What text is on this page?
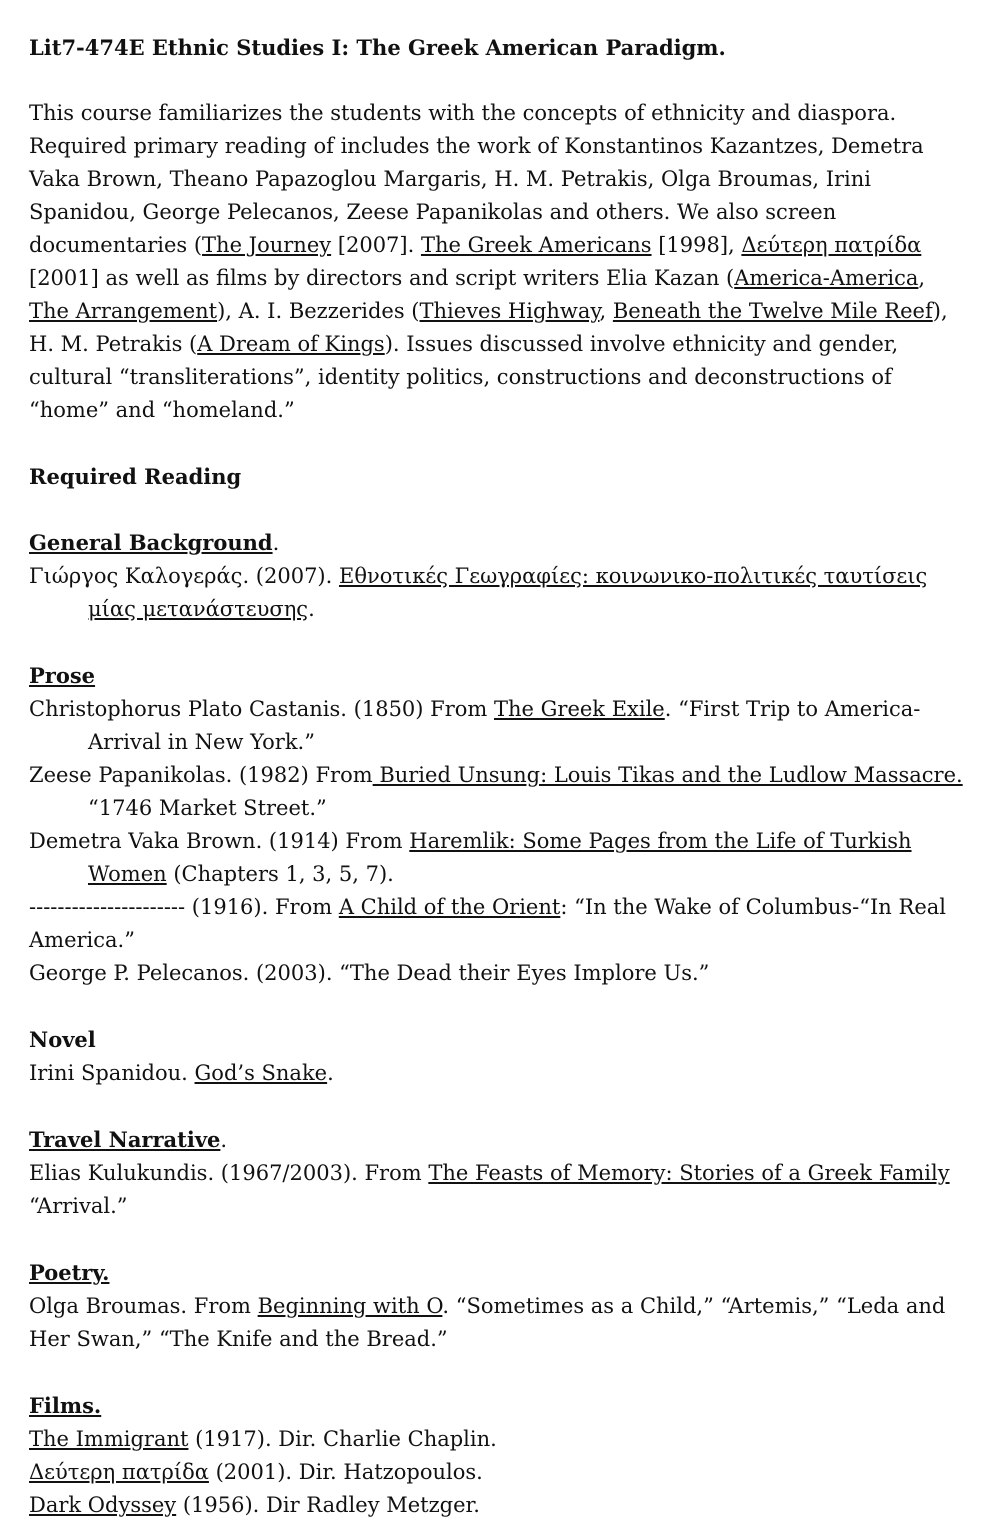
Lit7-474E Ethnic Studies I: The Greek American Paradigm.

This course familiarizes the students with the concepts of ethnicity and diaspora. Required primary reading of includes the work of Konstantinos Kazantzes, Demetra Vaka Brown, Theano Papazoglou Margaris, H. M. Petrakis, Olga Broumas, Irini Spanidou, George Pelecanos, Zeese Papanikolas and others. We also screen documentaries (The Journey [2007]. The Greek Americans [1998], Δεύτερη πατρίδα [2001] as well as films by directors and script writers Elia Kazan (America-America, The Arrangement), A. I. Bezzerides (Thieves Highway, Beneath the Twelve Mile Reef), H. M. Petrakis (A Dream of Kings). Issues discussed involve ethnicity and gender, cultural “transliterations”, identity politics, constructions and deconstructions of “home” and “homeland.”

Required Reading

General Background.

Γιώργος Καλογεράς. (2007). Εθνοτικές Γεωγραφίες: κοινωνικο-πολιτικές ταυτίσεις μίας μετανάστευσης.

Prose

Christophorus Plato Castanis. (1850) From The Greek Exile. “First Trip to America-Arrival in New York.”

Zeese Papanikolas. (1982) From Buried Unsung: Louis Tikas and the Ludlow Massacre. “1746 Market Street.”

Demetra Vaka Brown. (1914) From Haremlik: Some Pages from the Life of Turkish Women (Chapters 1, 3, 5, 7).

---------------------- (1916). From A Child of the Orient: “In the Wake of Columbus-“In Real America.”

George P. Pelecanos. (2003). “The Dead their Eyes Implore Us.”

Novel

Irini Spanidou. God’s Snake.

Travel Narrative.

Elias Kulukundis. (1967/2003). From The Feasts of Memory: Stories of a Greek Family “Arrival.”

Poetry.

Olga Broumas. From Beginning with O. “Sometimes as a Child,” “Artemis,” “Leda and Her Swan,” “The Knife and the Bread.”

Films.

The Immigrant (1917). Dir. Charlie Chaplin.

Δεύτερη πατρίδα (2001). Dir. Hatzopoulos.

Dark Odyssey (1956). Dir Radley Metzger.
